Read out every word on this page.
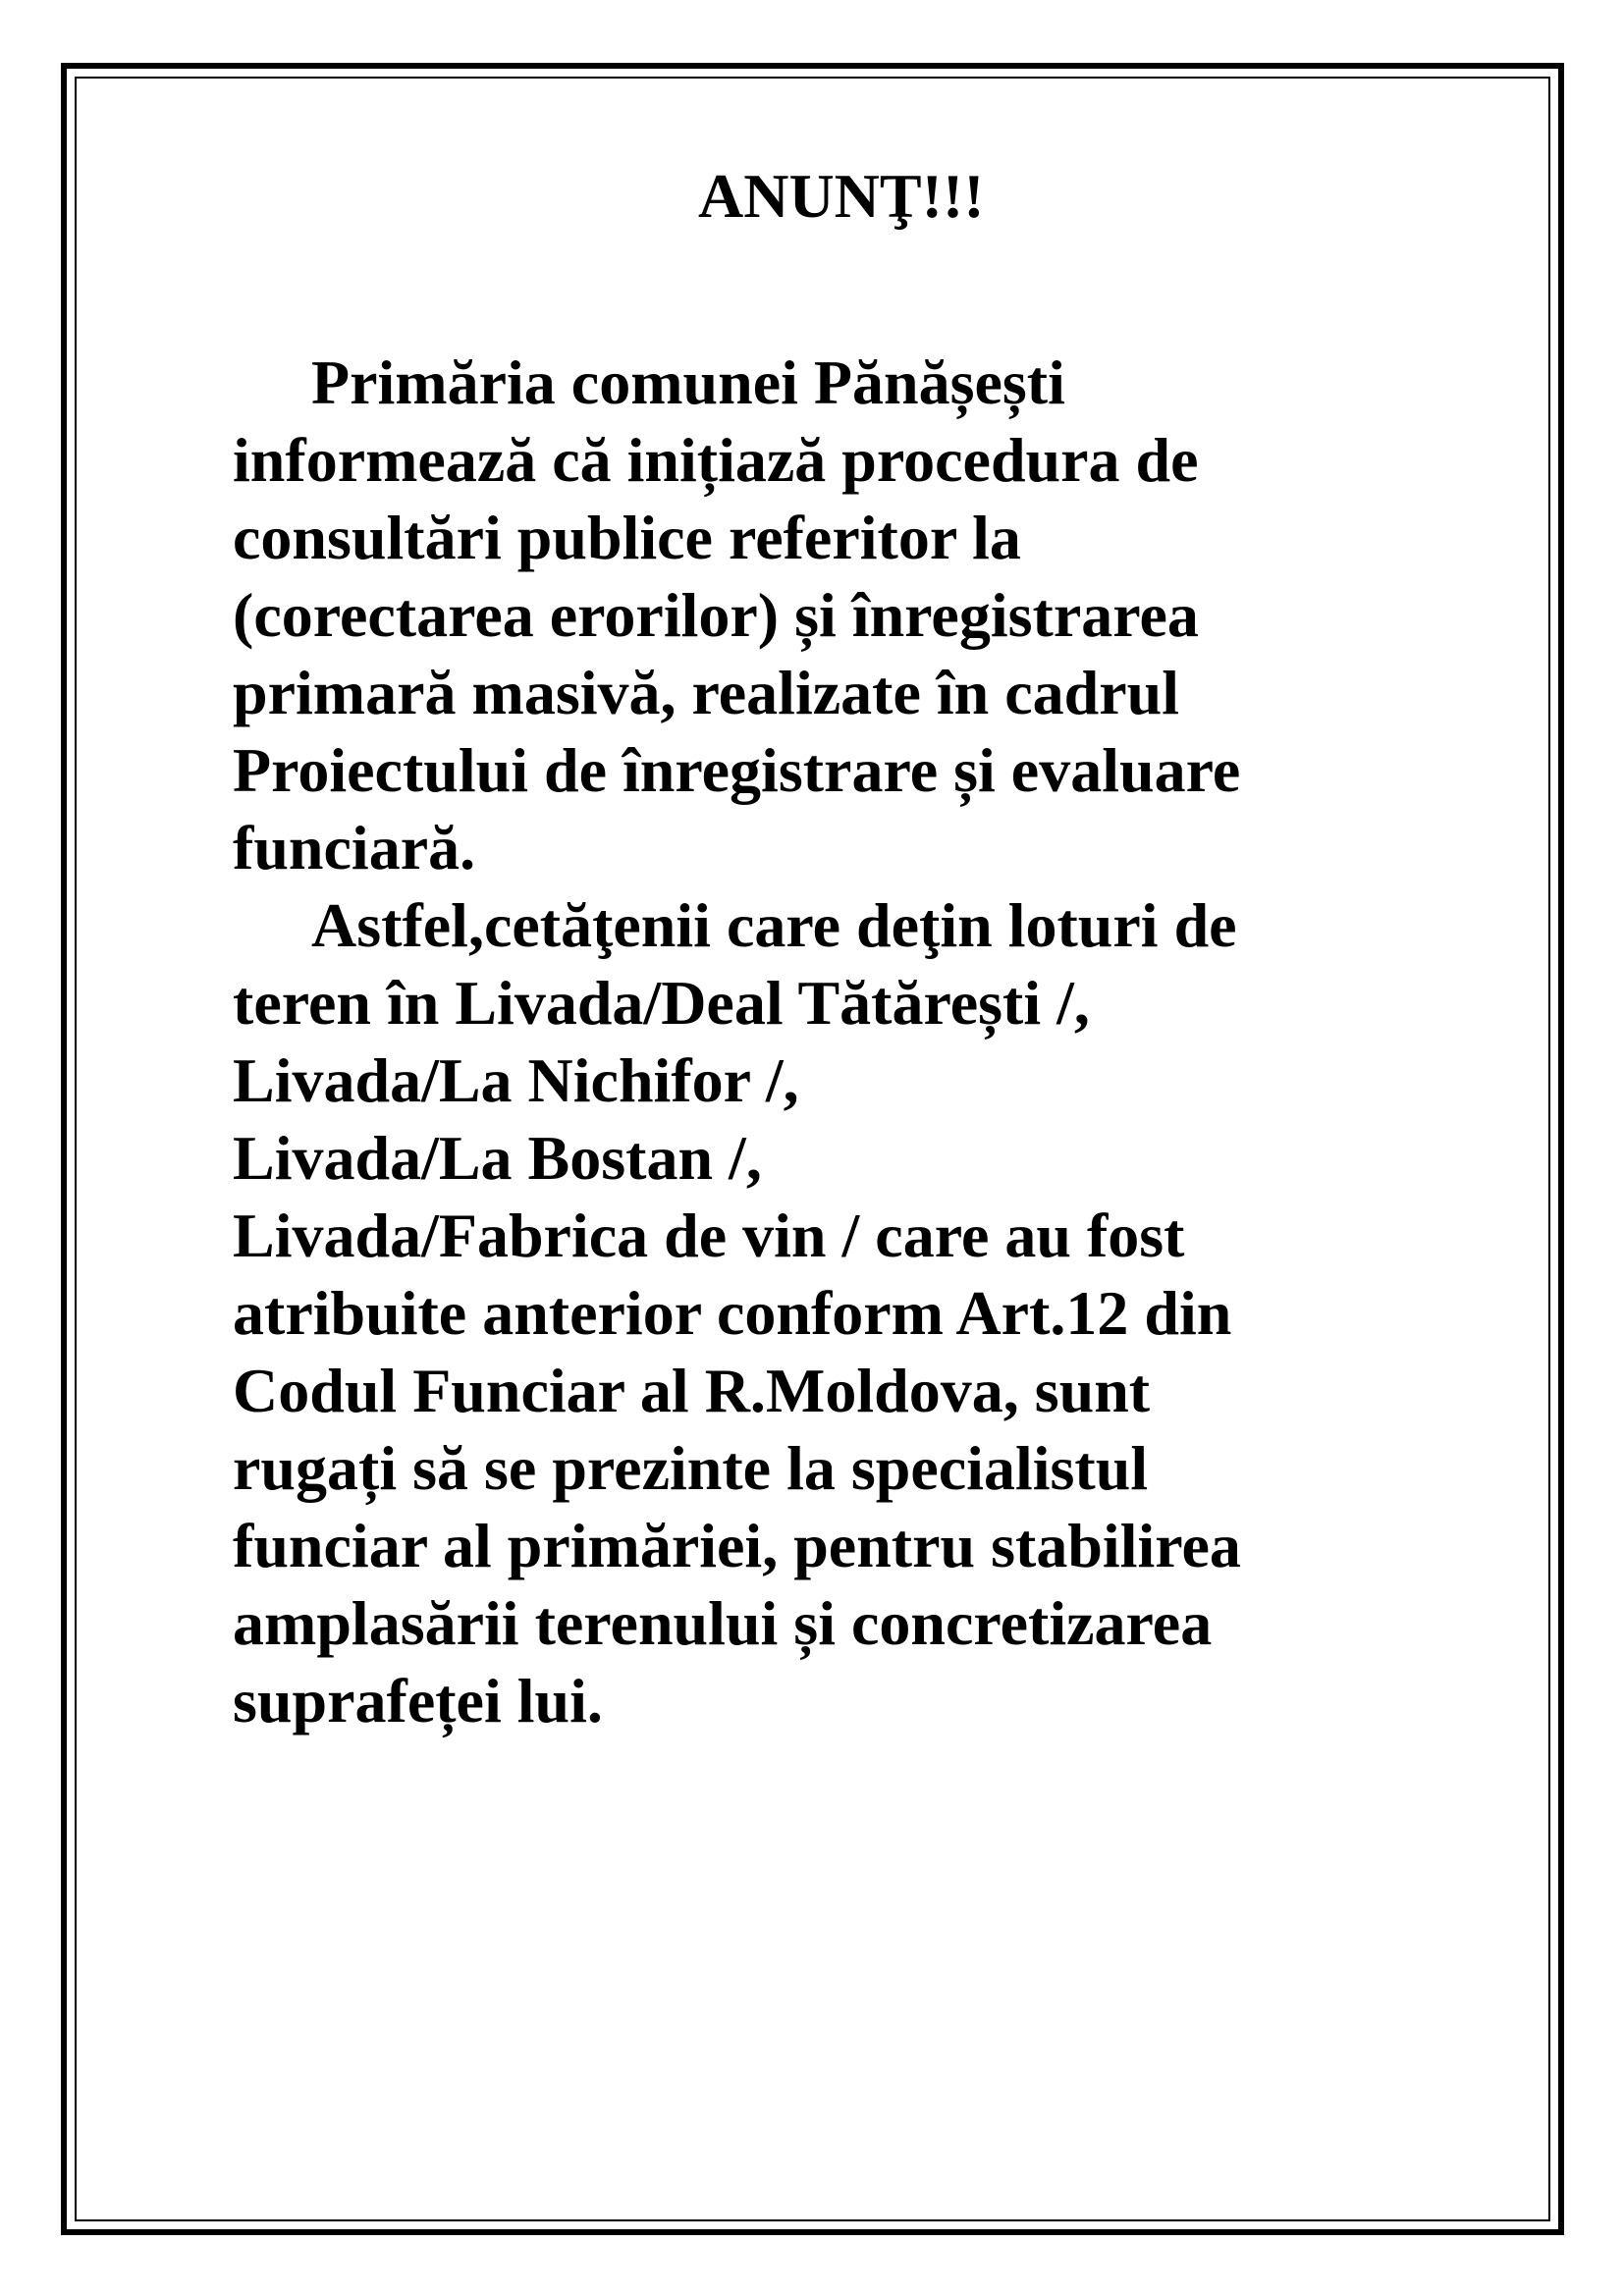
ANUNŢ!!!
Primăria comunei Pănășești
informează că inițiază procedura de
consultări publice referitor la
(corectarea erorilor) și înregistrarea
primară masivă, realizate în cadrul
Proiectului de înregistrare și evaluare
funciară.
Astfel,cetăţenii care deţin loturi de
teren în Livada/Deal Tătărești /,
Livada/La Nichifor /,
Livada/La Bostan /,
Livada/Fabrica de vin / care au fost
atribuite anterior conform Art.12 din
Codul Funciar al R.Moldova, sunt
rugați să se prezinte la specialistul
funciar al primăriei, pentru stabilirea
amplasării terenului și concretizarea
suprafeței lui.
